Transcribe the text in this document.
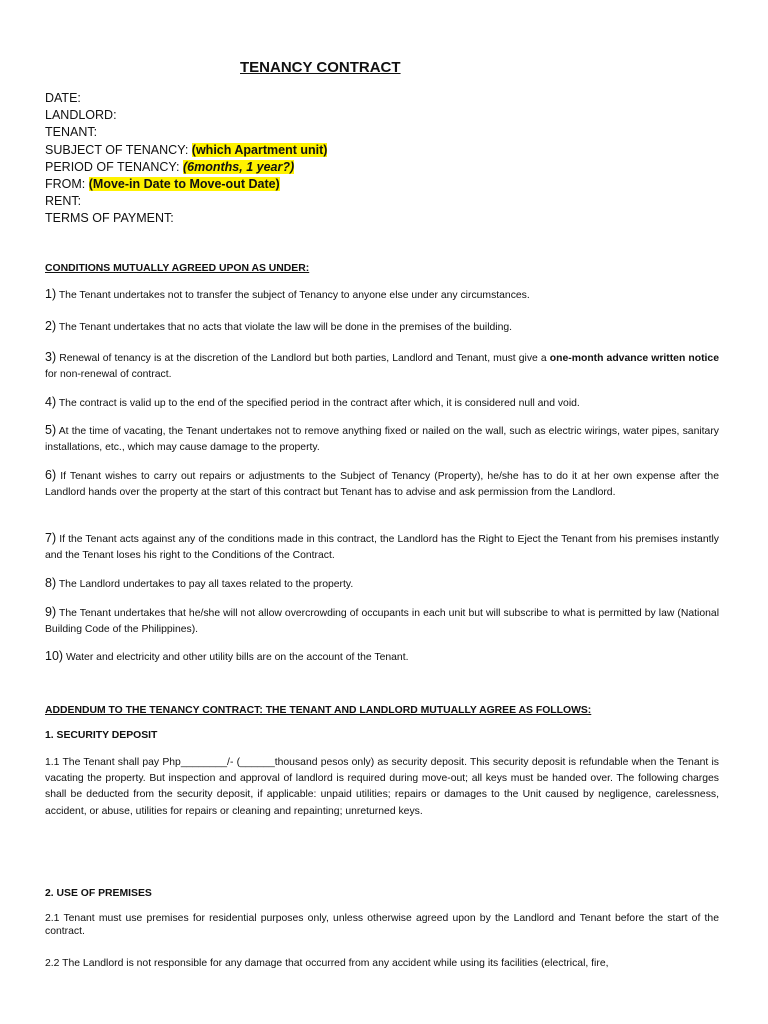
TENANCY CONTRACT
DATE:
LANDLORD:
TENANT:
SUBJECT OF TENANCY: (which Apartment unit)
PERIOD OF TENANCY: (6months, 1 year?)
FROM: (Move-in Date to Move-out Date)
RENT:
TERMS OF PAYMENT:
CONDITIONS MUTUALLY AGREED UPON AS UNDER:
1) The Tenant undertakes not to transfer the subject of Tenancy to anyone else under any circumstances.
2) The Tenant undertakes that no acts that violate the law will be done in the premises of the building.
3) Renewal of tenancy is at the discretion of the Landlord but both parties, Landlord and Tenant, must give a one-month advance written notice for non-renewal of contract.
4) The contract is valid up to the end of the specified period in the contract after which, it is considered null and void.
5) At the time of vacating, the Tenant undertakes not to remove anything fixed or nailed on the wall, such as electric wirings, water pipes, sanitary installations, etc., which may cause damage to the property.
6) If Tenant wishes to carry out repairs or adjustments to the Subject of Tenancy (Property), he/she has to do it at her own expense after the Landlord hands over the property at the start of this contract but Tenant has to advise and ask permission from the Landlord.
7) If the Tenant acts against any of the conditions made in this contract, the Landlord has the Right to Eject the Tenant from his premises instantly and the Tenant loses his right to the Conditions of the Contract.
8) The Landlord undertakes to pay all taxes related to the property.
9) The Tenant undertakes that he/she will not allow overcrowding of occupants in each unit but will subscribe to what is permitted by law (National Building Code of the Philippines).
10) Water and electricity and other utility bills are on the account of the Tenant.
ADDENDUM TO THE TENANCY CONTRACT: THE TENANT AND LANDLORD MUTUALLY AGREE AS FOLLOWS:
1. SECURITY DEPOSIT
1.1 The Tenant shall pay Php________/- (______thousand pesos only) as security deposit. This security deposit is refundable when the Tenant is vacating the property. But inspection and approval of landlord is required during move-out; all keys must be handed over. The following charges shall be deducted from the security deposit, if applicable: unpaid utilities; repairs or damages to the Unit caused by negligence, carelessness, accident, or abuse, utilities for repairs or cleaning and repainting; unreturned keys.
2. USE OF PREMISES
2.1 Tenant must use premises for residential purposes only, unless otherwise agreed upon by the Landlord and Tenant before the start of the contract.
2.2 The Landlord is not responsible for any damage that occurred from any accident while using its facilities (electrical, fire,
